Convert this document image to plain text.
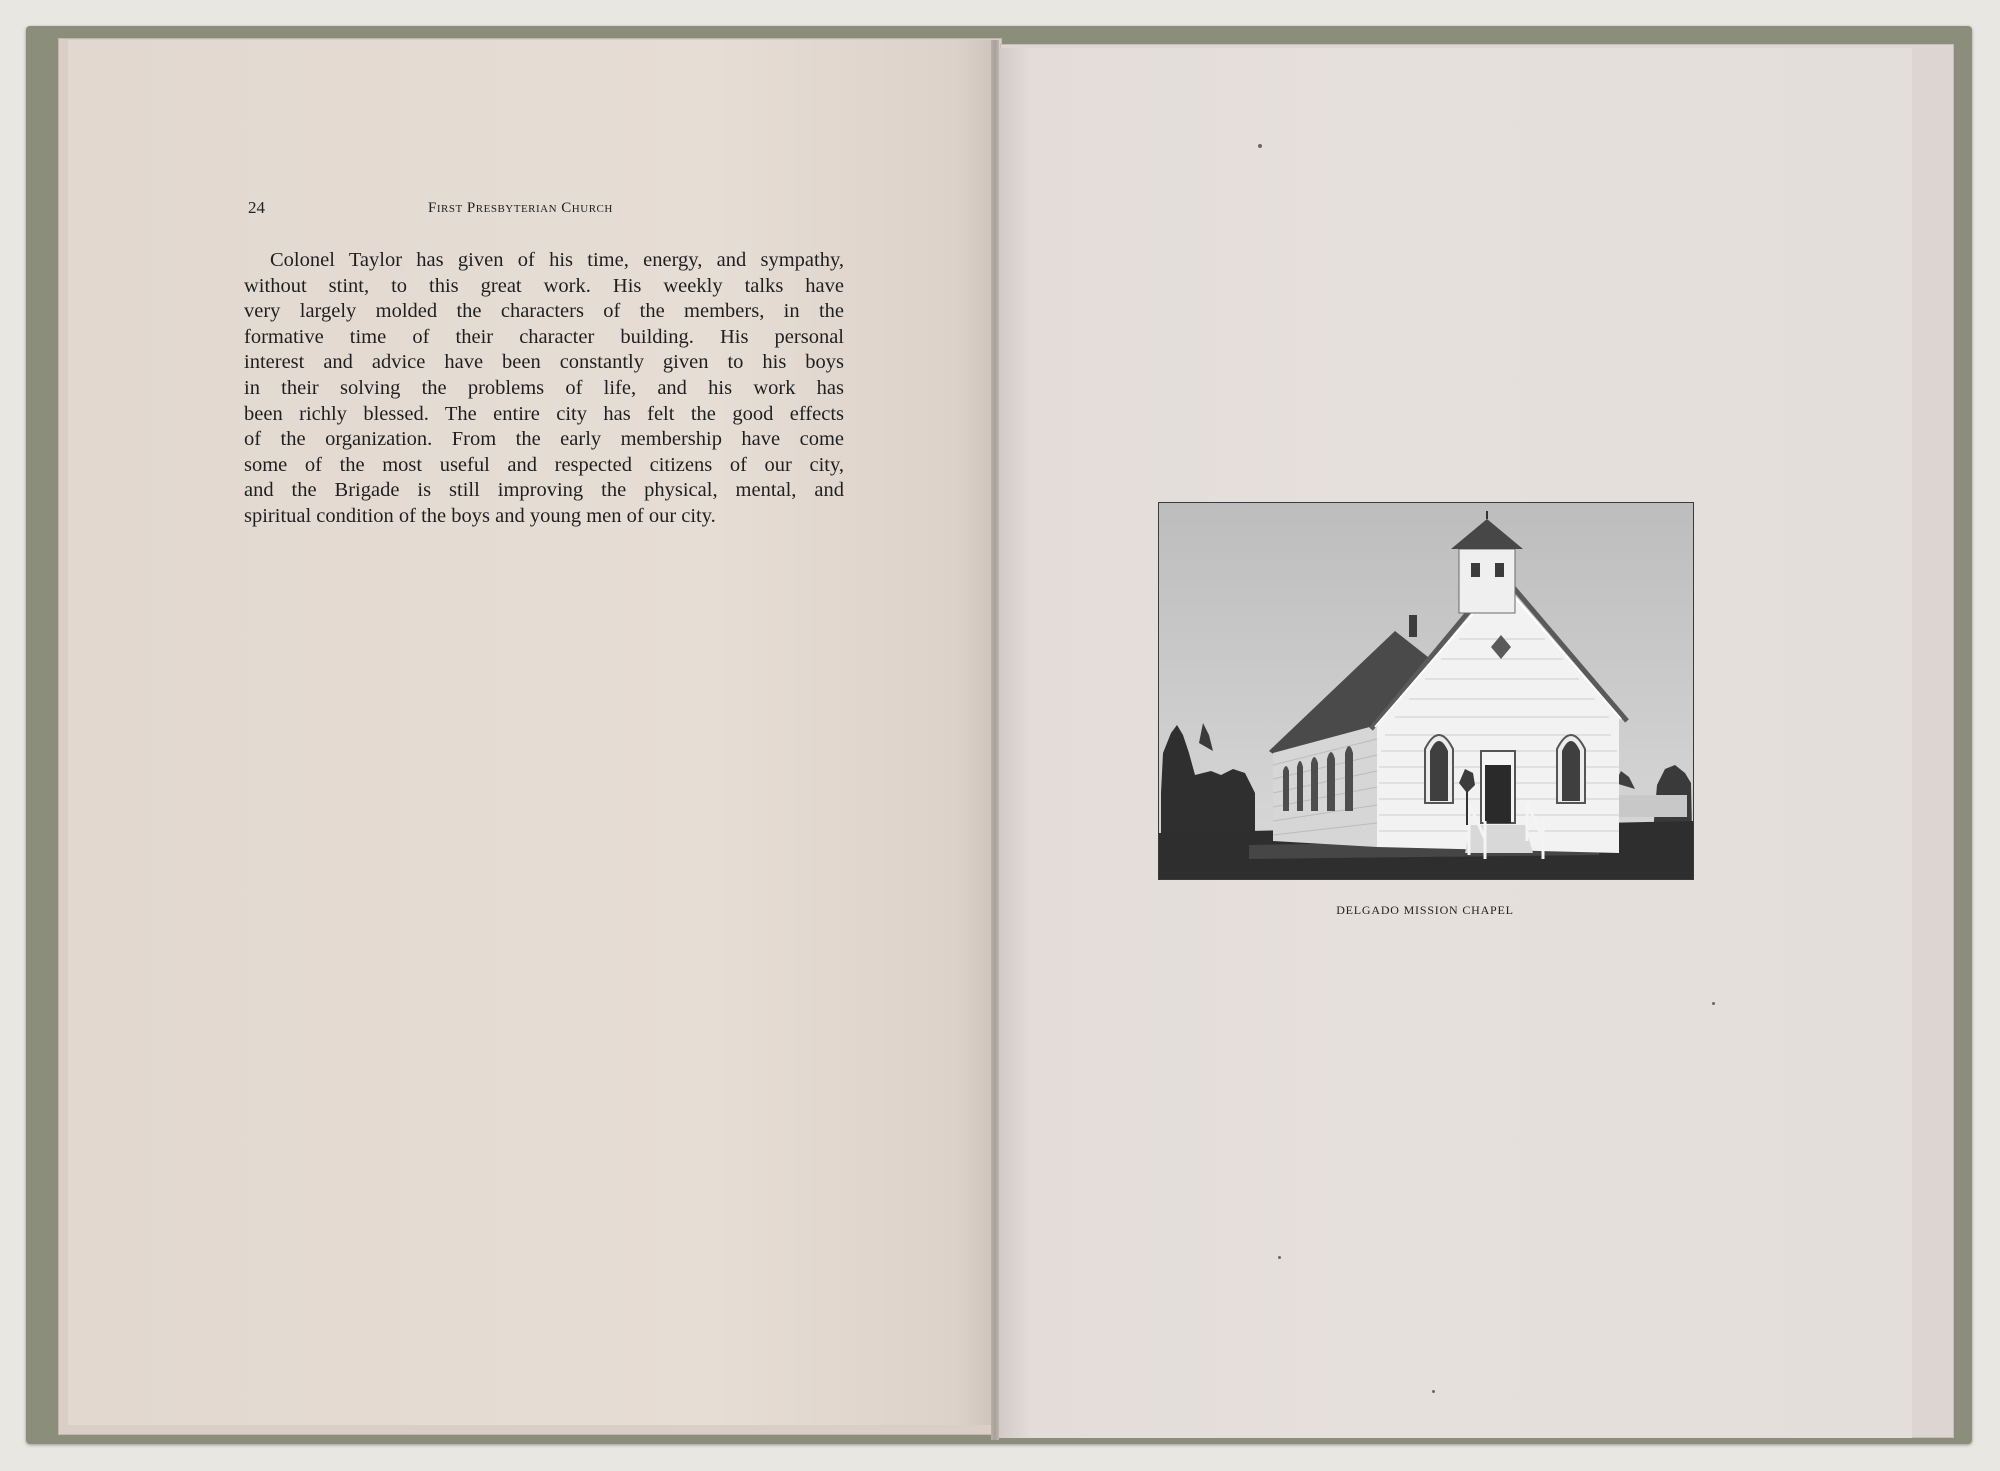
24	First Presbyterian Church
Colonel Taylor has given of his time, energy, and sympathy,
without stint, to this great work. His weekly talks have
very largely molded the characters of the members, in the
formative time of their character building. His personal
interest and advice have been constantly given to his boys
in their solving the problems of life, and his work has
been richly blessed. The entire city has felt the good effects
of the organization. From the early membership have come
some of the most useful and respected citizens of our city,
and the Brigade is still improving the physical, mental, and
spiritual condition of the boys and young men of our city.
DELGADO MISSION CHAPEL
